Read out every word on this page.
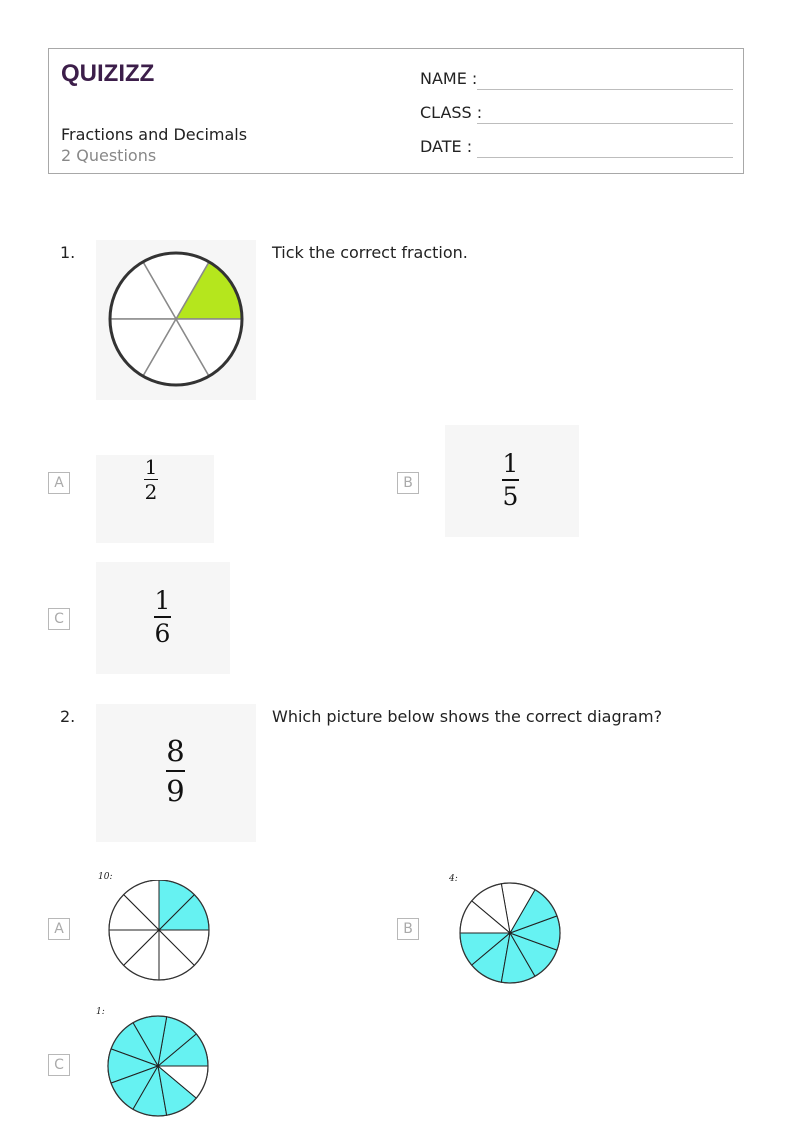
QUIZIZZ
Fractions and Decimals
2 Questions
NAME :
CLASS :
DATE :
1.	Tick the correct fraction.
A
1
2	B
1
5
C
1
6
2.
8
9
Which picture below shows the correct diagram?
A
10:
B
4:
C
1:
